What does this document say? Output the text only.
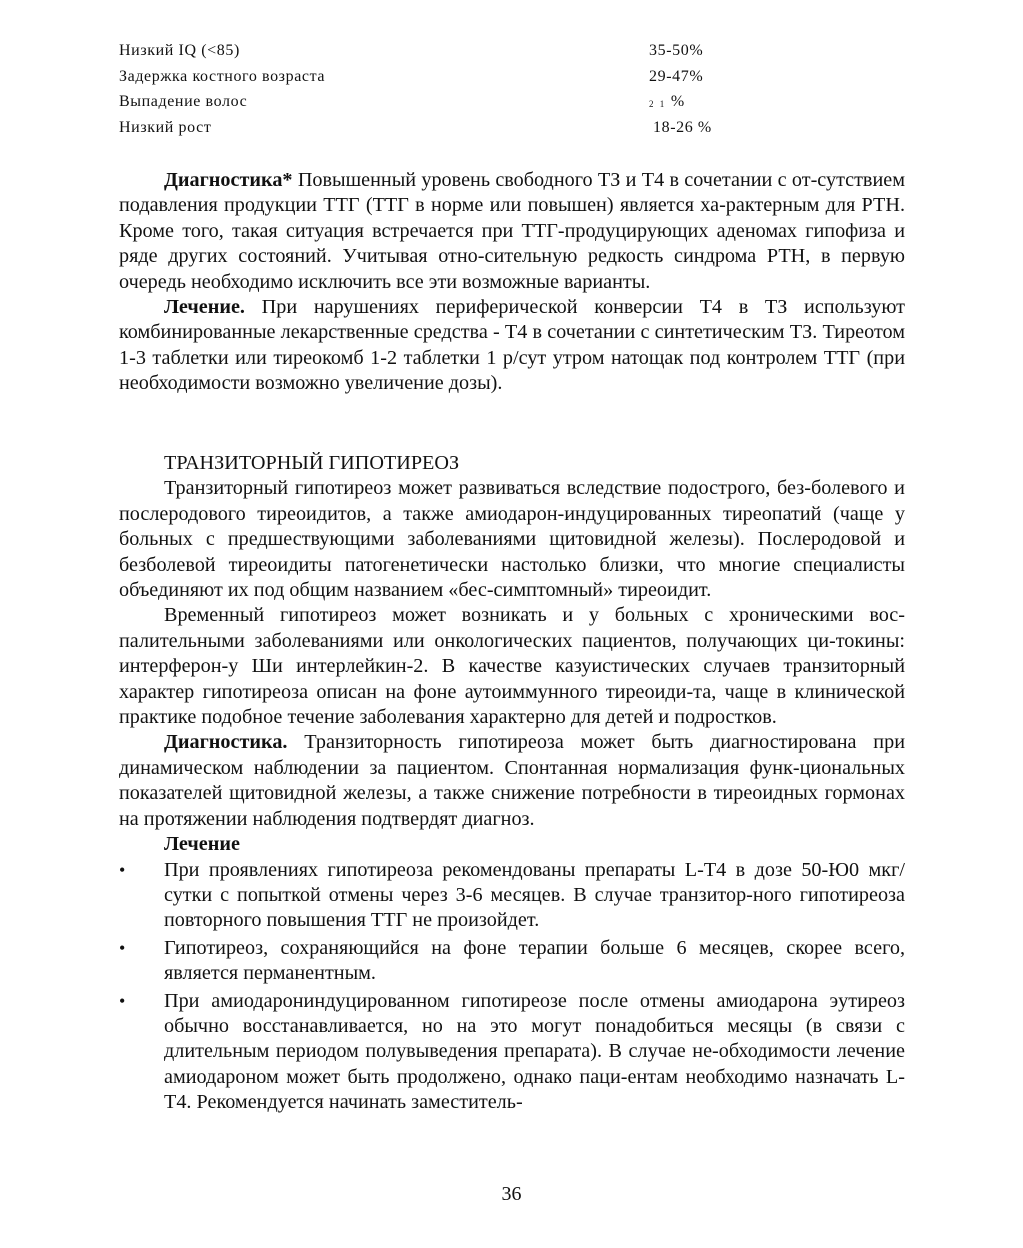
Низкий IQ (<85)	35-50%
Задержка костного возраста	29-47%
Выпадение волос	2 1 %
Низкий рост	18-26 %

Диагностика* Повышенный уровень свободного ТЗ и Т4 в сочетании с от-сутствием подавления продукции ТТГ (ТТГ в норме или повышен) является ха-рактерным для РТН. Кроме того, такая ситуация встречается при ТТГ-продуцирующих аденомах гипофиза и ряде других состояний. Учитывая отно-сительную редкость синдрома РТН, в первую очередь необходимо исключить все эти возможные варианты.

Лечение. При нарушениях периферической конверсии Т4 в ТЗ используют комбинированные лекарственные средства - Т4 в сочетании с синтетическим ТЗ. Тиреотом 1-3 таблетки или тиреокомб 1-2 таблетки 1 р/сут утром натощак под контролем ТТГ (при необходимости возможно увеличение дозы).

ТРАНЗИТОРНЫЙ ГИПОТИРЕОЗ

Транзиторный гипотиреоз может развиваться вследствие подострого, без-болевого и послеродового тиреоидитов, а также амиодарон-индуцированных тиреопатий (чаще у больных с предшествующими заболеваниями щитовидной железы). Послеродовой и безболевой тиреоидиты патогенетически настолько близки, что многие специалисты объединяют их под общим названием «бес-симптомный» тиреоидит.

Временный гипотиреоз может возникать и у больных с хроническими вос-палительными заболеваниями или онкологических пациентов, получающих ци-токины: интерферон-у Ши интерлейкин-2. В качестве казуистических случаев транзиторный характер гипотиреоза описан на фоне аутоиммунного тиреоиди-та, чаще в клинической практике подобное течение заболевания характерно для детей и подростков.

Диагностика. Транзиторность гипотиреоза может быть диагностирована при динамическом наблюдении за пациентом. Спонтанная нормализация функ-циональных показателей щитовидной железы, а также снижение потребности в тиреоидных гормонах на протяжении наблюдения подтвердят диагноз.

Лечение

• При проявлениях гипотиреоза рекомендованы препараты L-T4 в дозе 50-Ю0 мкг/сутки с попыткой отмены через 3-6 месяцев. В случае транзитор-ного гипотиреоза повторного повышения ТТГ не произойдет.
• Гипотиреоз, сохраняющийся на фоне терапии больше 6 месяцев, скорее всего, является перманентным.
• При амиодарониндуцированном гипотиреозе после отмены амиодарона эутиреоз обычно восстанавливается, но на это могут понадобиться месяцы (в связи с длительным периодом полувыведения препарата). В случае не-обходимости лечение амиодароном может быть продолжено, однако паци-ентам необходимо назначать L-T4. Рекомендуется начинать заместитель-
36
